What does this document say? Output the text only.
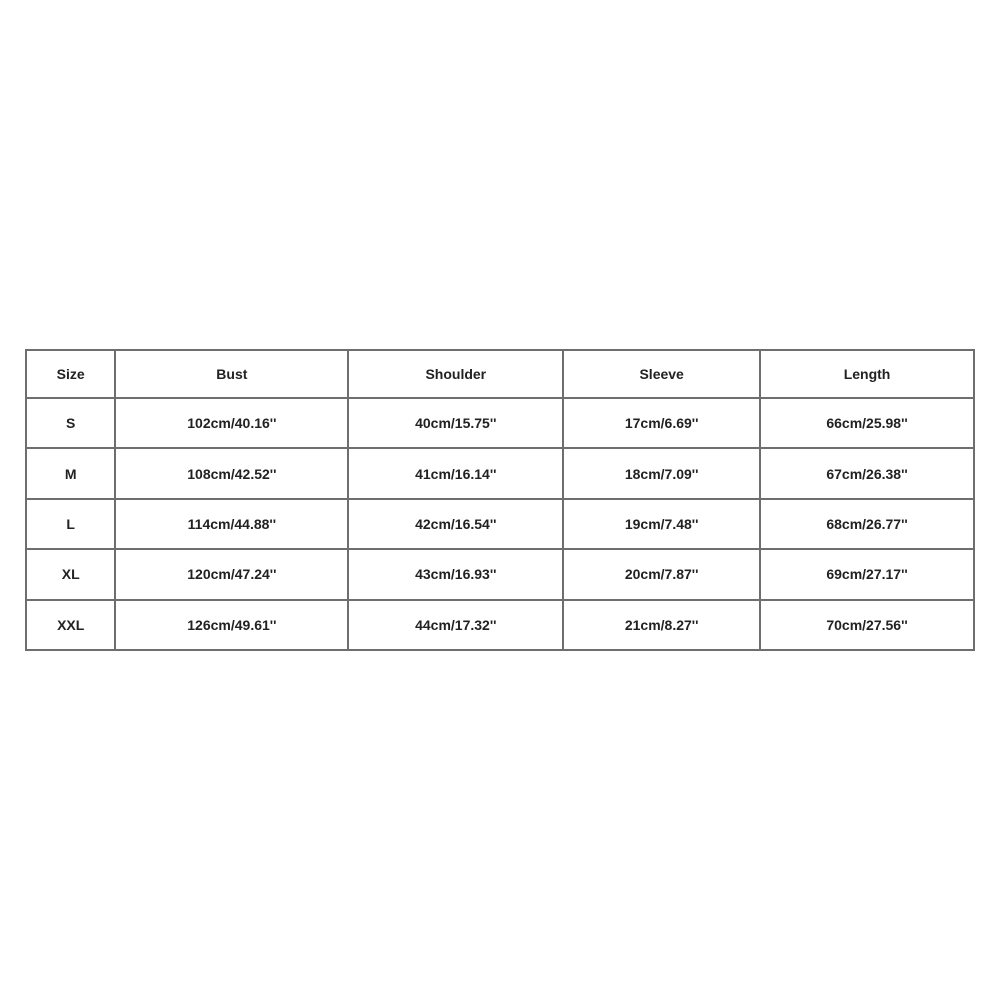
Size	Bust	Shoulder	Sleeve	Length
S	102cm/40.16''	40cm/15.75''	17cm/6.69''	66cm/25.98''
M	108cm/42.52''	41cm/16.14''	18cm/7.09''	67cm/26.38''
L	114cm/44.88''	42cm/16.54''	19cm/7.48''	68cm/26.77''
XL	120cm/47.24''	43cm/16.93''	20cm/7.87''	69cm/27.17''
XXL	126cm/49.61''	44cm/17.32''	21cm/8.27''	70cm/27.56''
